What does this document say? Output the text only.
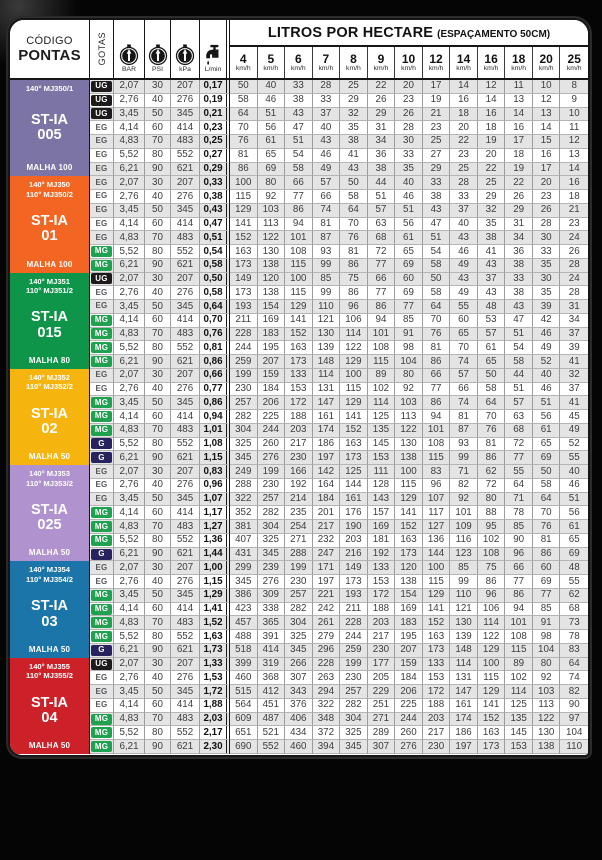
CÓDIGO
PONTAS GOTAS
BAR PSI kPa L/min
LITROS POR HECTARE (ESPAÇAMENTO 50CM)
4
km/h
5
km/h
6
km/h
7
km/h
8
km/h
9
km/h
10
km/h
12
km/h
14
km/h
16
km/h
18
km/h
20
km/h
25
km/h
140° MJ350/1
ST-IA
005
MALHA 100
UG	2,07	30	207	0,17	50	40	33	28	25	22	20	17	14	12	11	10	8
UG	2,76	40	276	0,19	58	46	38	33	29	26	23	19	16	14	13	12	9
UG	3,45	50	345	0,21	64	51	43	37	32	29	26	21	18	16	14	13	10
EG	4,14	60	414	0,23	70	56	47	40	35	31	28	23	20	18	16	14	11
EG	4,83	70	483	0,25	76	61	51	43	38	34	30	25	22	19	17	15	12
EG	5,52	80	552	0,27	81	65	54	46	41	36	33	27	23	20	18	16	13
EG	6,21	90	621	0,29	86	69	58	49	43	38	35	29	25	22	19	17	14
140° MJ350
110° MJ350/2
ST-IA
01
MALHA 100
EG	2,07	30	207	0,33	100	80	66	57	50	44	40	33	28	25	22	20	16
EG	2,76	40	276	0,38	115	92	77	66	58	51	46	38	33	29	26	23	18
EG	3,45	50	345	0,43	129	103	86	74	64	57	51	43	37	32	29	26	21
EG	4,14	60	414	0,47	141	113	94	81	70	63	56	47	40	35	31	28	23
EG	4,83	70	483	0,51	152	122	101	87	76	68	61	51	43	38	34	30	24
MG	5,52	80	552	0,54	163	130	108	93	81	72	65	54	46	41	36	33	26
MG	6,21	90	621	0,58	173	138	115	99	86	77	69	58	49	43	38	35	28
140° MJ351
110° MJ351/2
ST-IA
015
MALHA 80
UG	2,07	30	207	0,50	149	120	100	85	75	66	60	50	43	37	33	30	24
EG	2,76	40	276	0,58	173	138	115	99	86	77	69	58	49	43	38	35	28
EG	3,45	50	345	0,64	193	154	129	110	96	86	77	64	55	48	43	39	31
MG	4,14	60	414	0,70	211	169	141	121	106	94	85	70	60	53	47	42	34
MG	4,83	70	483	0,76	228	183	152	130	114	101	91	76	65	57	51	46	37
MG	5,52	80	552	0,81	244	195	163	139	122	108	98	81	70	61	54	49	39
MG	6,21	90	621	0,86	259	207	173	148	129	115	104	86	74	65	58	52	41
140° MJ352
110° MJ352/2
ST-IA
02
MALHA 50
EG	2,07	30	207	0,66	199	159	133	114	100	89	80	66	57	50	44	40	32
EG	2,76	40	276	0,77	230	184	153	131	115	102	92	77	66	58	51	46	37
MG	3,45	50	345	0,86	257	206	172	147	129	114	103	86	74	64	57	51	41
MG	4,14	60	414	0,94	282	225	188	161	141	125	113	94	81	70	63	56	45
MG	4,83	70	483	1,01	304	244	203	174	152	135	122	101	87	76	68	61	49
G	5,52	80	552	1,08	325	260	217	186	163	145	130	108	93	81	72	65	52
G	6,21	90	621	1,15	345	276	230	197	173	153	138	115	99	86	77	69	55
140° MJ353
110° MJ353/2
ST-IA
025
MALHA 50
EG	2,07	30	207	0,83	249	199	166	142	125	111	100	83	71	62	55	50	40
EG	2,76	40	276	0,96	288	230	192	164	144	128	115	96	82	72	64	58	46
EG	3,45	50	345	1,07	322	257	214	184	161	143	129	107	92	80	71	64	51
MG	4,14	60	414	1,17	352	282	235	201	176	157	141	117	101	88	78	70	56
MG	4,83	70	483	1,27	381	304	254	217	190	169	152	127	109	95	85	76	61
MG	5,52	80	552	1,36	407	325	271	232	203	181	163	136	116	102	90	81	65
G	6,21	90	621	1,44	431	345	288	247	216	192	173	144	123	108	96	86	69
140° MJ354
110° MJ354/2
ST-IA
03
MALHA 50
EG	2,07	30	207	1,00	299	239	199	171	149	133	120	100	85	75	66	60	48
EG	2,76	40	276	1,15	345	276	230	197	173	153	138	115	99	86	77	69	55
MG	3,45	50	345	1,29	386	309	257	221	193	172	154	129	110	96	86	77	62
MG	4,14	60	414	1,41	423	338	282	242	211	188	169	141	121	106	94	85	68
MG	4,83	70	483	1,52	457	365	304	261	228	203	183	152	130	114	101	91	73
MG	5,52	80	552	1,63	488	391	325	279	244	217	195	163	139	122	108	98	78
G	6,21	90	621	1,73	518	414	345	296	259	230	207	173	148	129	115	104	83
140° MJ355
110° MJ355/2
ST-IA
04
MALHA 50
UG	2,07	30	207	1,33	399	319	266	228	199	177	159	133	114	100	89	80	64
EG	2,76	40	276	1,53	460	368	307	263	230	205	184	153	131	115	102	92	74
EG	3,45	50	345	1,72	515	412	343	294	257	229	206	172	147	129	114	103	82
EG	4,14	60	414	1,88	564	451	376	322	282	251	225	188	161	141	125	113	90
MG	4,83	70	483	2,03	609	487	406	348	304	271	244	203	174	152	135	122	97
MG	5,52	80	552	2,17	651	521	434	372	325	289	260	217	186	163	145	130	104
MG	6,21	90	621	2,30	690	552	460	394	345	307	276	230	197	173	153	138	110
